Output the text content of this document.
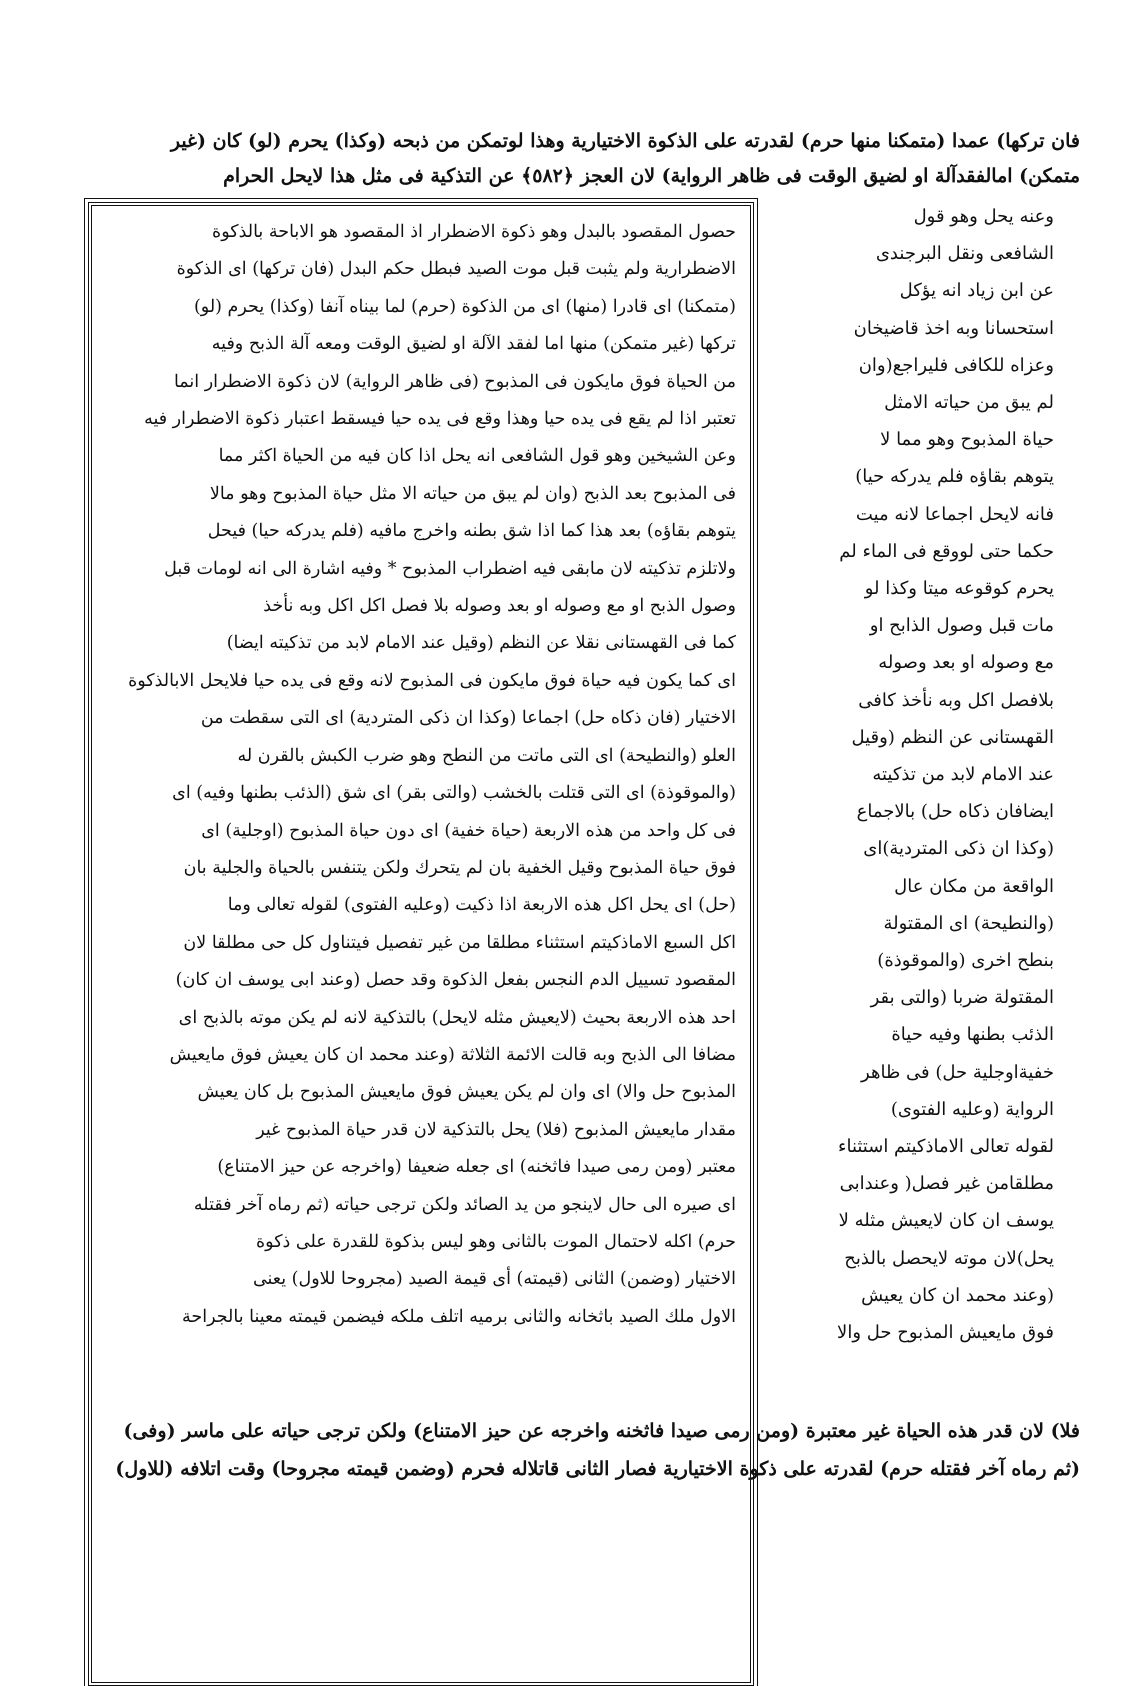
فان تركها) عمدا (متمكنا منها حرم) لقدرته على الذكوة الاختيارية وهذا لوتمكن من ذبحه (وكذا) يحرم (لو) كان (غير

متمكن) امالفقدآلة او لضيق الوقت فى ظاهر الرواية) لان العجز ﴿٥٨٢﴾ عن التذكية فى مثل هذا لايحل الحرام

وعنه يحل وهو قول

الشافعى ونقل البرجندى

عن ابن زياد انه يؤكل

استحسانا وبه اخذ قاضيخان

وعزاه للكافى فليراجع(وان

لم يبق من حياته الامثل

حياة المذبوح وهو مما لا

يتوهم بقاؤه فلم يدركه حيا)

فانه لايحل اجماعا لانه ميت

حكما حتى لووقع فى الماء لم

يحرم كوقوعه ميتا وكذا لو

مات قبل وصول الذابح او

مع وصوله او بعد وصوله

بلافصل اكل وبه نأخذ كافى

القهستانى عن النظم (وقيل

عند الامام لابد من تذكيته

ايضافان ذكاه حل) بالاجماع

(وكذا ان ذكى المتردية)اى

الواقعة من مكان عال

(والنطيحة) اى المقتولة

بنطح اخرى (والموقوذة)

المقتولة ضربا (والتى بقر

الذئب بطنها وفيه حياة

خفيةاوجلية حل) فى ظاهر

الرواية (وعليه الفتوى)

لقوله تعالى الاماذكيتم استثناء

مطلقامن غير فصل( وعندابى

يوسف ان كان لايعيش مثله لا

يحل)لان موته لايحصل بالذبح

(وعند محمد ان كان يعيش

فوق مايعيش المذبوح حل والا

حصول المقصود بالبدل وهو ذكوة الاضطرار اذ المقصود هو الاباحة بالذكوة

الاضطرارية ولم يثبت قبل موت الصيد فبطل حكم البدل (فان تركها) اى الذكوة

(متمكنا) اى قادرا (منها) اى من الذكوة (حرم) لما بيناه آنفا (وكذا) يحرم (لو)

تركها (غير متمكن) منها اما لفقد الآلة او لضيق الوقت ومعه آلة الذبح وفيه

من الحياة فوق مايكون فى المذبوح (فى ظاهر الرواية) لان ذكوة الاضطرار انما

تعتبر اذا لم يقع فى يده حيا وهذا وقع فى يده حيا فيسقط اعتبار ذكوة الاضطرار فيه

وعن الشيخين وهو قول الشافعى انه يحل اذا كان فيه من الحياة اكثر مما

فى المذبوح بعد الذبح (وان لم يبق من حياته الا مثل حياة المذبوح وهو مالا

يتوهم بقاؤه) بعد هذا كما اذا شق بطنه واخرج مافيه (فلم يدركه حيا) فيحل

ولاتلزم تذكيته لان مابقى فيه اضطراب المذبوح * وفيه اشارة الى انه لومات قبل

وصول الذبح او مع وصوله او بعد وصوله بلا فصل اكل اكل وبه نأخذ

كما فى القهستانى نقلا عن النظم (وقيل عند الامام لابد من تذكيته ايضا)

اى كما يكون فيه حياة فوق مايكون فى المذبوح لانه وقع فى يده حيا فلايحل الابالذكوة

الاختيار (فان ذكاه حل) اجماعا (وكذا ان ذكى المتردية) اى التى سقطت من

العلو (والنطيحة) اى التى ماتت من النطح وهو ضرب الكبش بالقرن له

(والموقوذة) اى التى قتلت بالخشب (والتى بقر) اى شق (الذئب بطنها وفيه) اى

فى كل واحد من هذه الاربعة (حياة خفية) اى دون حياة المذبوح (اوجلية) اى

فوق حياة المذبوح وقيل الخفية بان لم يتحرك ولكن يتنفس بالحياة والجلية بان

(حل) اى يحل اكل هذه الاربعة اذا ذكيت (وعليه الفتوى) لقوله تعالى وما

اكل السبع الاماذكيتم استثناء مطلقا من غير تفصيل فيتناول كل حى مطلقا لان

المقصود تسييل الدم النجس بفعل الذكوة وقد حصل (وعند ابى يوسف ان كان)

احد هذه الاربعة بحيث (لايعيش مثله لايحل) بالتذكية لانه لم يكن موته بالذبح اى

مضافا الى الذبح وبه قالت الائمة الثلاثة (وعند محمد ان كان يعيش فوق مايعيش

المذبوح حل والا) اى وان لم يكن يعيش فوق مايعيش المذبوح بل كان يعيش

مقدار مايعيش المذبوح (فلا) يحل بالتذكية لان قدر حياة المذبوح غير

معتبر (ومن رمى صيدا فاثخنه) اى جعله ضعيفا (واخرجه عن حيز الامتناع)

اى صيره الى حال لاينجو من يد الصائد ولكن ترجى حياته (ثم رماه آخر فقتله

حرم) اكله لاحتمال الموت بالثانى وهو ليس بذكوة للقدرة على ذكوة

الاختيار (وضمن) الثانى (قيمته) أى قيمة الصيد (مجروحا للاول) يعنى

الاول ملك الصيد باثخانه والثانى برميه اتلف ملكه فيضمن قيمته معينا بالجراحة

فلا) لان قدر هذه الحياة غير معتبرة (ومن رمى صيدا فاثخنه واخرجه عن حيز الامتناع) ولكن ترجى حياته على ماسر (وفى)

(ثم رماه آخر فقتله حرم) لقدرته على ذكوة الاختيارية فصار الثانى قاتلاله فحرم (وضمن قيمته مجروحا) وقت اتلافه (للاول)
